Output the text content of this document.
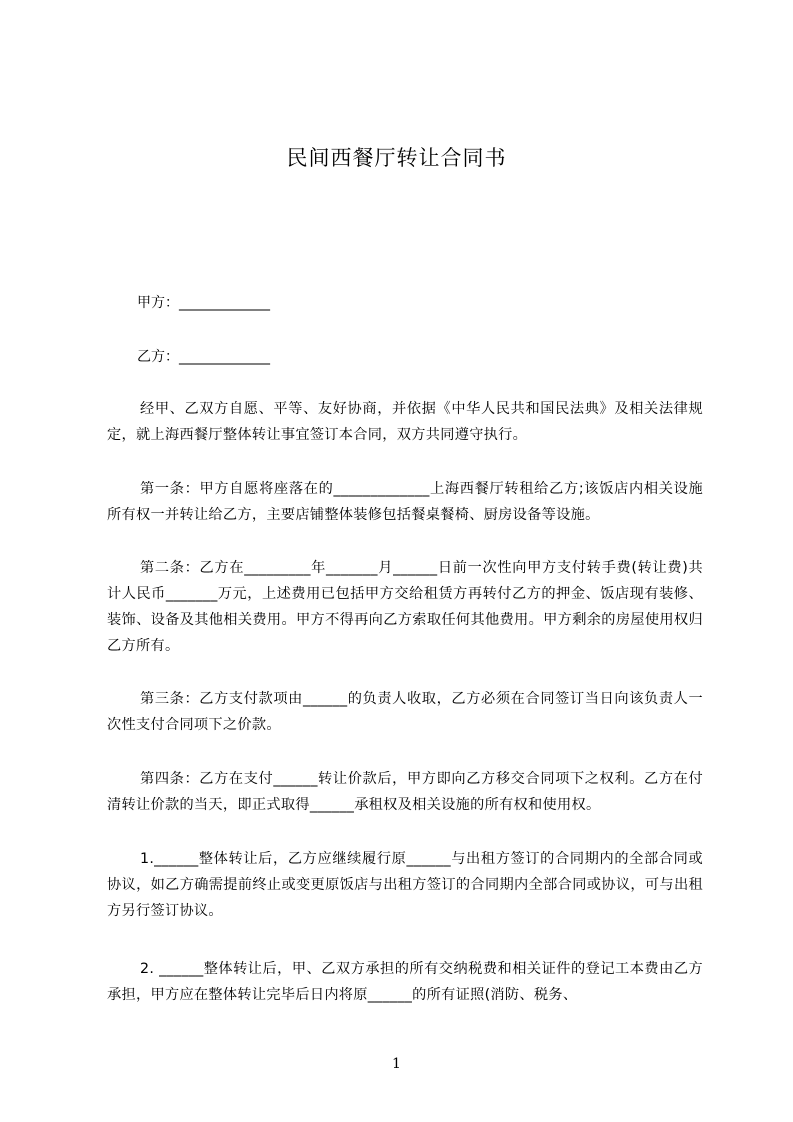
民间西餐厅转让合同书
甲方：_____________
乙方：_____________
经甲、乙双方自愿、平等、友好协商，并依据《中华人民共和国民法典》及相关法律规定，就上海西餐厅整体转让事宜签订本合同，双方共同遵守执行。
第一条：甲方自愿将座落在的_____________上海西餐厅转租给乙方;该饭店内相关设施所有权一并转让给乙方，主要店铺整体装修包括餐桌餐椅、厨房设备等设施。
第二条：乙方在_________年_______月______日前一次性向甲方支付转手费(转让费)共计人民币_______万元，上述费用已包括甲方交给租赁方再转付乙方的押金、饭店现有装修、装饰、设备及其他相关费用。甲方不得再向乙方索取任何其他费用。甲方剩余的房屋使用权归乙方所有。
第三条：乙方支付款项由______的负责人收取，乙方必须在合同签订当日向该负责人一次性支付合同项下之价款。
第四条：乙方在支付______转让价款后，甲方即向乙方移交合同项下之权利。乙方在付清转让价款的当天，即正式取得______承租权及相关设施的所有权和使用权。
1.______整体转让后，乙方应继续履行原______与出租方签订的合同期内的全部合同或协议，如乙方确需提前终止或变更原饭店与出租方签订的合同期内全部合同或协议，可与出租方另行签订协议。
2. ______整体转让后，甲、乙双方承担的所有交纳税费和相关证件的登记工本费由乙方承担，甲方应在整体转让完毕后日内将原______的所有证照(消防、税务、
1
